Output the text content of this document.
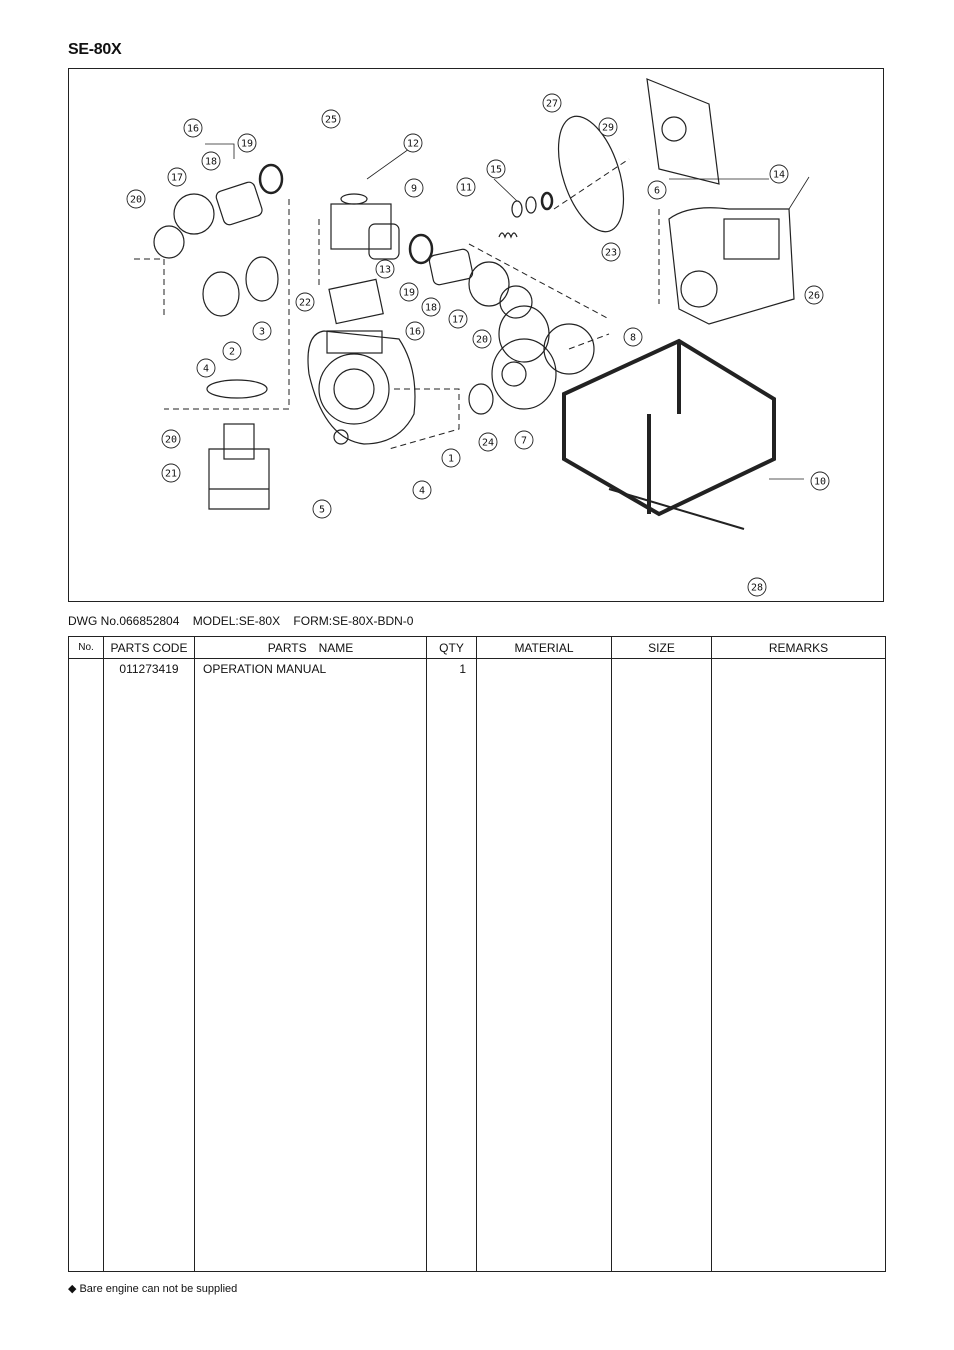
SE-80X
1
2
3
4
4
5
6
7
8
9
10
11
12
13
14
15
16
16
17
17
18
18
19
19
20
20
20
21
22
23
24
25
26
27
28
29
DWG No.066852804    MODEL:SE-80X    FORM:SE-80X-BDN-0
No.	PARTS CODE	PARTS　NAME	QTY	MATERIAL	SIZE	REMARKS
	011273419	OPERATION MANUAL	1			
◆ Bare engine can not be supplied
